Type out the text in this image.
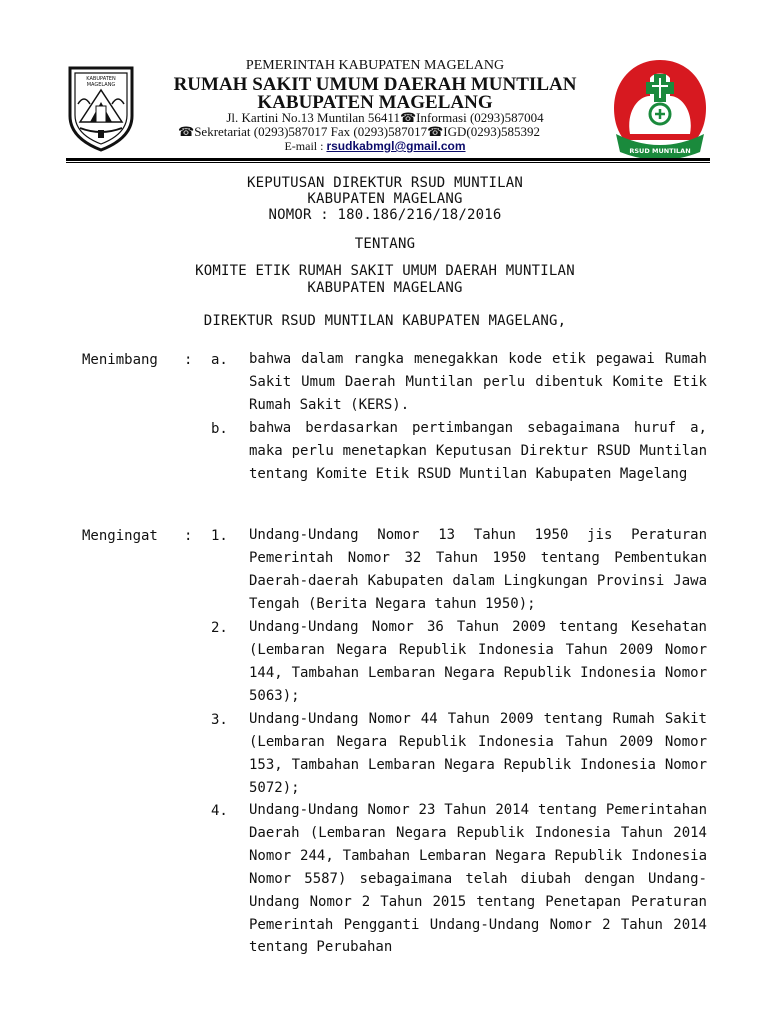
KABUPATEN
MAGELANG
PEMERINTAH KABUPATEN MAGELANG
RUMAH SAKIT UMUM DAERAH MUNTILAN
KABUPATEN MAGELANG
Jl. Kartini No.13 Muntilan 56411☎Informasi (0293)587004
☎Sekretariat (0293)587017 Fax (0293)587017☎IGD(0293)585392
E-mail : rsudkabmgl@gmail.com	RSUD MUNTILAN
KEPUTUSAN DIREKTUR RSUD MUNTILAN
KABUPATEN MAGELANG
NOMOR : 180.186/216/18/2016
TENTANG
KOMITE ETIK RUMAH SAKIT UMUM DAERAH MUNTILAN
KABUPATEN MAGELANG
DIREKTUR RSUD MUNTILAN KABUPATEN MAGELANG,
Menimbang : a. bahwa dalam rangka menegakkan kode etik pegawai Rumah Sakit Umum Daerah Muntilan perlu dibentuk Komite Etik Rumah Sakit (KERS).
b. bahwa berdasarkan pertimbangan sebagaimana huruf a, maka perlu menetapkan Keputusan Direktur RSUD Muntilan tentang Komite Etik RSUD Muntilan Kabupaten Magelang
Mengingat : 1. Undang-Undang Nomor 13 Tahun 1950 jis Peraturan Pemerintah Nomor 32 Tahun 1950 tentang Pembentukan Daerah-daerah Kabupaten dalam Lingkungan Provinsi Jawa Tengah (Berita Negara tahun 1950);
2. Undang-Undang Nomor 36 Tahun 2009 tentang Kesehatan (Lembaran Negara Republik Indonesia Tahun 2009 Nomor 144, Tambahan Lembaran Negara Republik Indonesia Nomor 5063);
3. Undang-Undang Nomor 44 Tahun 2009 tentang Rumah Sakit (Lembaran Negara Republik Indonesia Tahun 2009 Nomor 153, Tambahan Lembaran Negara Republik Indonesia Nomor 5072);
4. Undang-Undang Nomor 23 Tahun 2014 tentang Pemerintahan Daerah (Lembaran Negara Republik Indonesia Tahun 2014 Nomor 244, Tambahan Lembaran Negara Republik Indonesia Nomor 5587) sebagaimana telah diubah dengan Undang-Undang Nomor 2 Tahun 2015 tentang Penetapan Peraturan Pemerintah Pengganti Undang-Undang Nomor 2 Tahun 2014 tentang Perubahan
